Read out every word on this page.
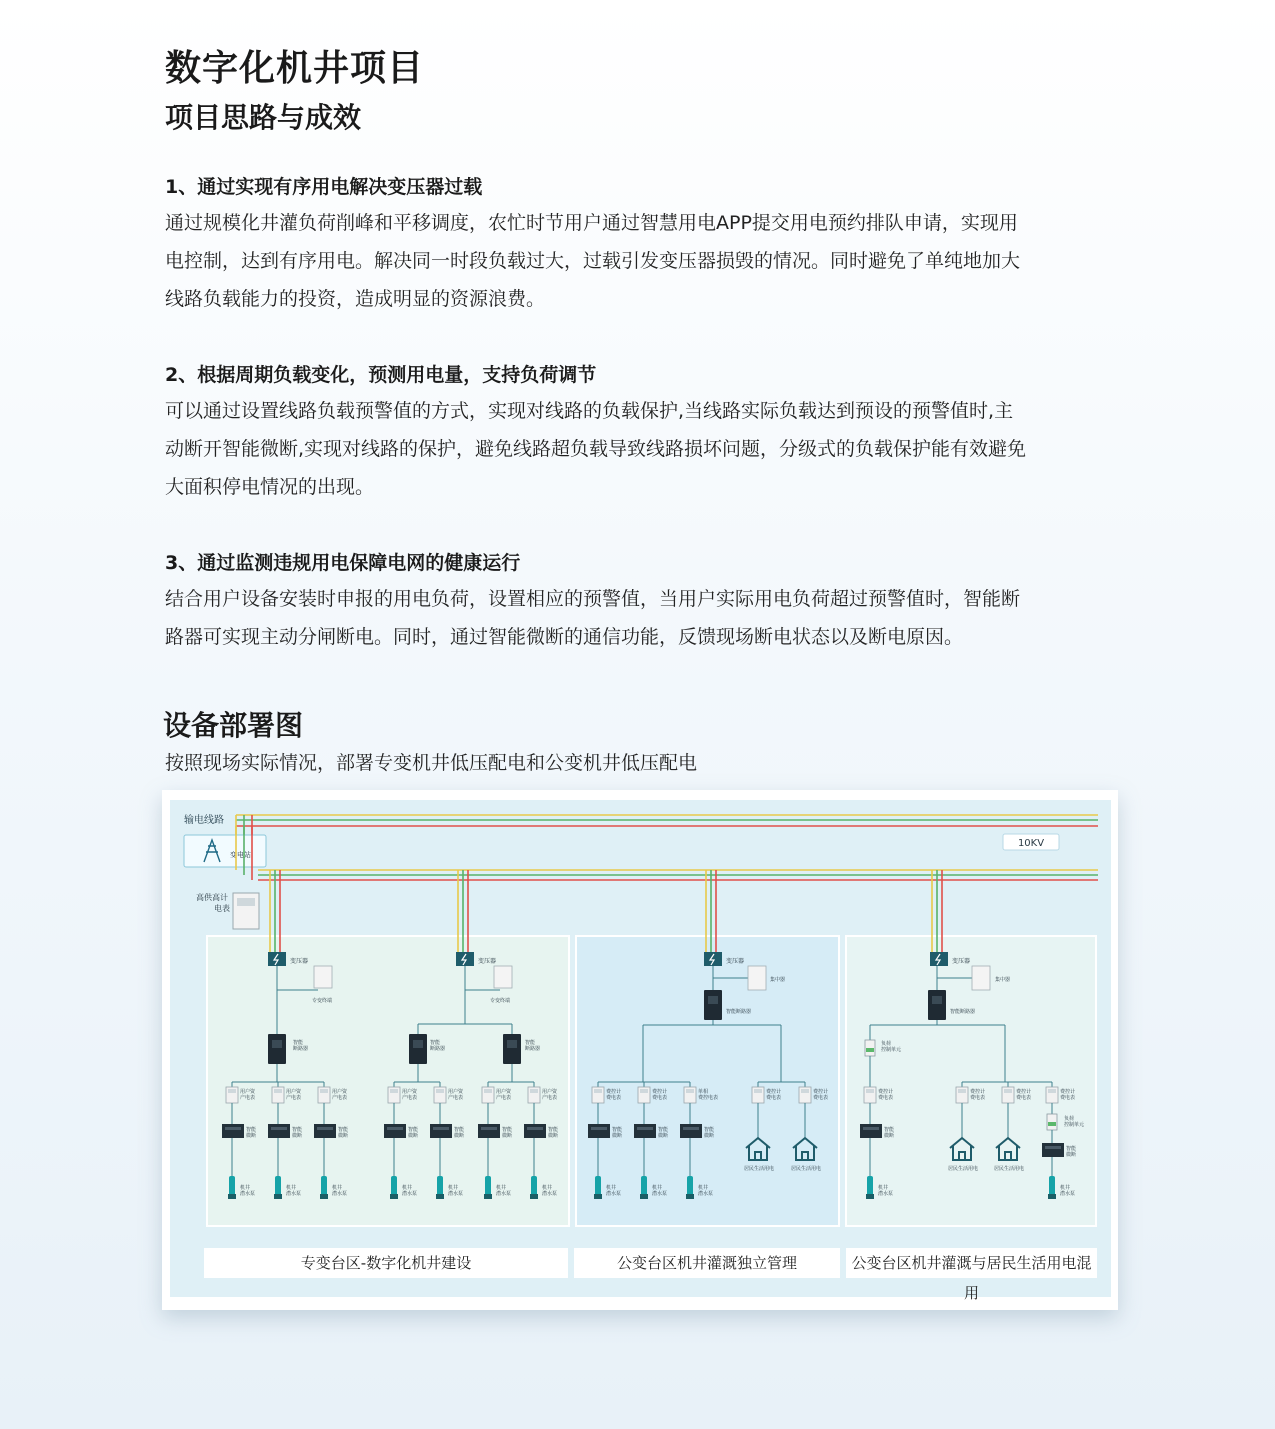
数字化机井项目
项目思路与成效
1、通过实现有序用电解决变压器过载
通过规模化井灌负荷削峰和平移调度，农忙时节用户通过智慧用电APP提交用电预约排队申请，实现用
电控制，达到有序用电。解决同一时段负载过大，过载引发变压器损毁的情况。同时避免了单纯地加大
线路负载能力的投资，造成明显的资源浪费。
2、根据周期负载变化，预测用电量，支持负荷调节
可以通过设置线路负载预警值的方式，实现对线路的负载保护,当线路实际负载达到预设的预警值时,主
动断开智能微断,实现对线路的保护，避免线路超负载导致线路损坏问题，分级式的负载保护能有效避免
大面积停电情况的出现。
3、通过监测违规用电保障电网的健康运行
结合用户设备安装时申报的用电负荷，设置相应的预警值，当用户实际用电负荷超过预警值时，智能断
路器可实现主动分闸断电。同时，通过智能微断的通信功能，反馈现场断电状态以及断电原因。
设备部署图
按照现场实际情况，部署专变机井低压配电和公变机井低压配电
输电线路
变电站
10KV
高供高计
电表
变压器	变压器	变压器	变压器
专变终端
智能
断路器
用户资
产电表
智能
微断
机井
潜水泵
用户资
产电表
智能
微断
机井
潜水泵
用户资
产电表
智能
微断
机井
潜水泵
专变终端
智能
断路器
智能
断路器
用户资
产电表
智能
微断
机井
潜水泵
用户资
产电表
智能
微断
机井
潜水泵
用户资
产电表
智能
微断
机井
潜水泵
用户资
产电表
智能
微断
机井
潜水泵
集中器
智能断路器
费控计
费电表
智能
微断
机井
潜水泵
费控计
费电表
智能
微断
机井
潜水泵
单相
费控电表
智能
微断
机井
潜水泵
费控计
费电表
居民生活用电
费控计
费电表
居民生活用电
集中器
智能断路器
负荷
控制单元
费控计
费电表
智能
微断
机井
潜水泵
费控计
费电表
居民生活用电
费控计
费电表
居民生活用电
费控计
费电表
负荷
控制单元
智能
微断
机井
潜水泵
专变台区-数字化机井建设	公变台区机井灌溉独立管理	公变台区机井灌溉与居民生活用电混用
